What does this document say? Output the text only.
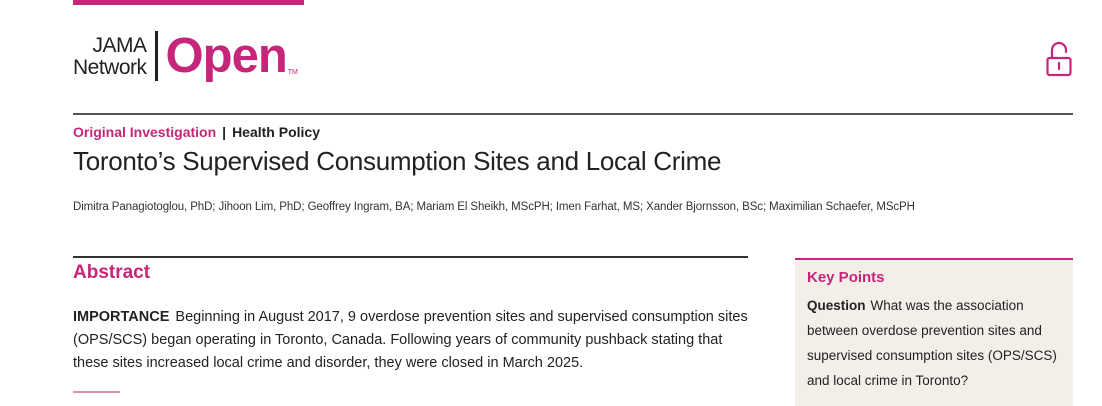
JAMA
Network Open TM
Original Investigation | Health Policy
Toronto’s Supervised Consumption Sites and Local Crime
Dimitra Panagiotoglou, PhD; Jihoon Lim, PhD; Geoffrey Ingram, BA; Mariam El Sheikh, MScPH; Imen Farhat, MS; Xander Bjornsson, BSc; Maximilian Schaefer, MScPH
Abstract
IMPORTANCE Beginning in August 2017, 9 overdose prevention sites and supervised consumption sites (OPS/SCS) began operating in Toronto, Canada. Following years of community pushback stating that these sites increased local crime and disorder, they were closed in March 2025.
Key Points
Question What was the association between overdose prevention sites and supervised consumption sites (OPS/SCS) and local crime in Toronto?
